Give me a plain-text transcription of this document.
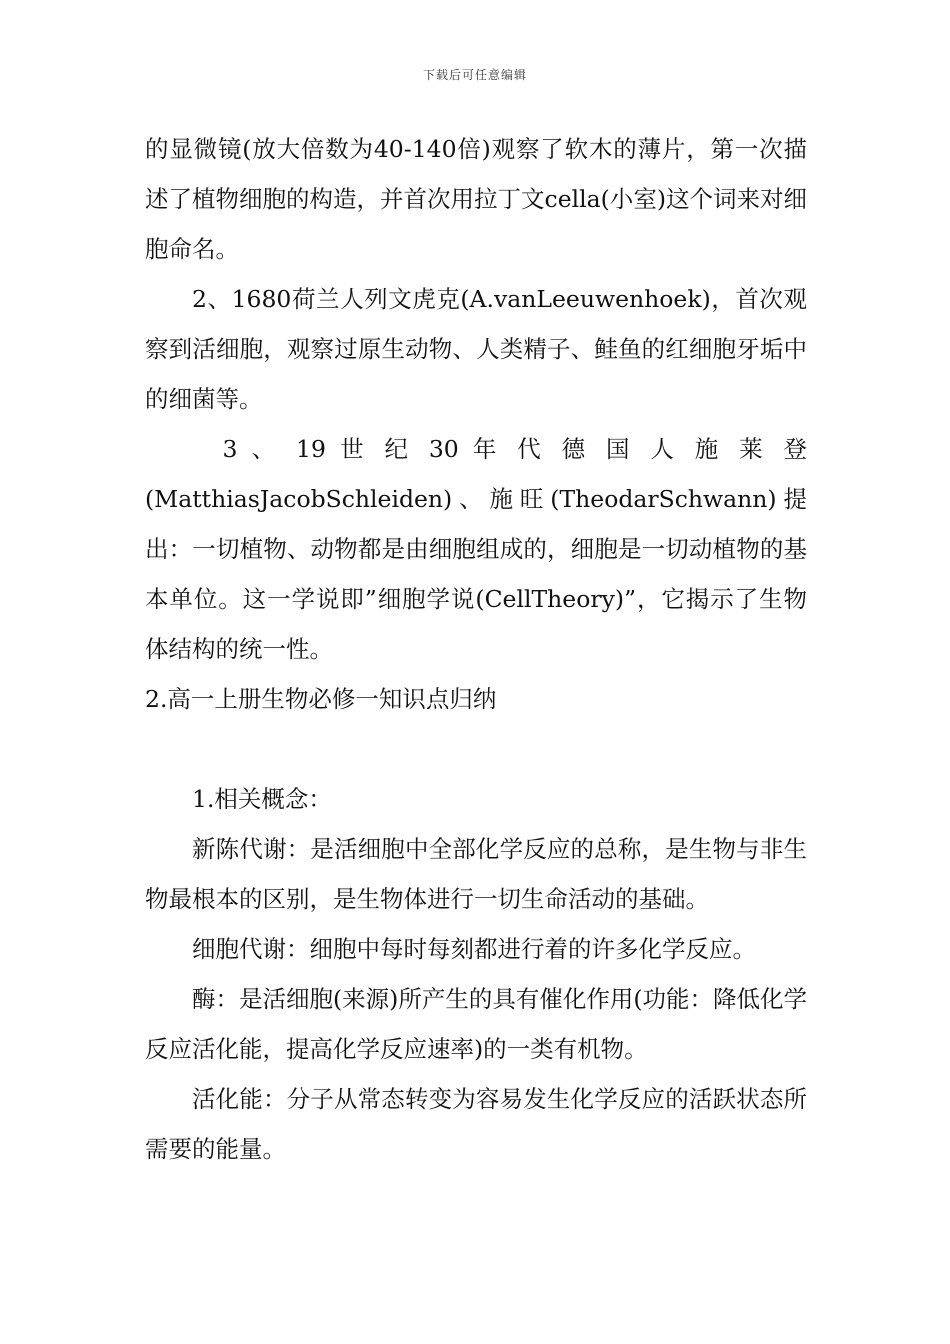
下载后可任意编辑

的显微镜(放大倍数为40-140倍)观察了软木的薄片，第一次描述了植物细胞的构造，并首次用拉丁文cella(小室)这个词来对细胞命名。

2、1680荷兰人列文虎克(A.vanLeeuwenhoek)，首次观察到活细胞，观察过原生动物、人类精子、鲑鱼的红细胞牙垢中的细菌等。

3 、 19 世 纪 30 年 代 德 国 人 施 莱 登 (MatthiasJacobSchleiden)、施旺(TheodarSchwann)提出：一切植物、动物都是由细胞组成的，细胞是一切动植物的基本单位。这一学说即”细胞学说(CellTheory)”，它揭示了生物体结构的统一性。

2.高一上册生物必修一知识点归纳

1.相关概念：

新陈代谢：是活细胞中全部化学反应的总称，是生物与非生物最根本的区别，是生物体进行一切生命活动的基础。

细胞代谢：细胞中每时每刻都进行着的许多化学反应。

酶：是活细胞(来源)所产生的具有催化作用(功能：降低化学反应活化能，提高化学反应速率)的一类有机物。

活化能：分子从常态转变为容易发生化学反应的活跃状态所需要的能量。
